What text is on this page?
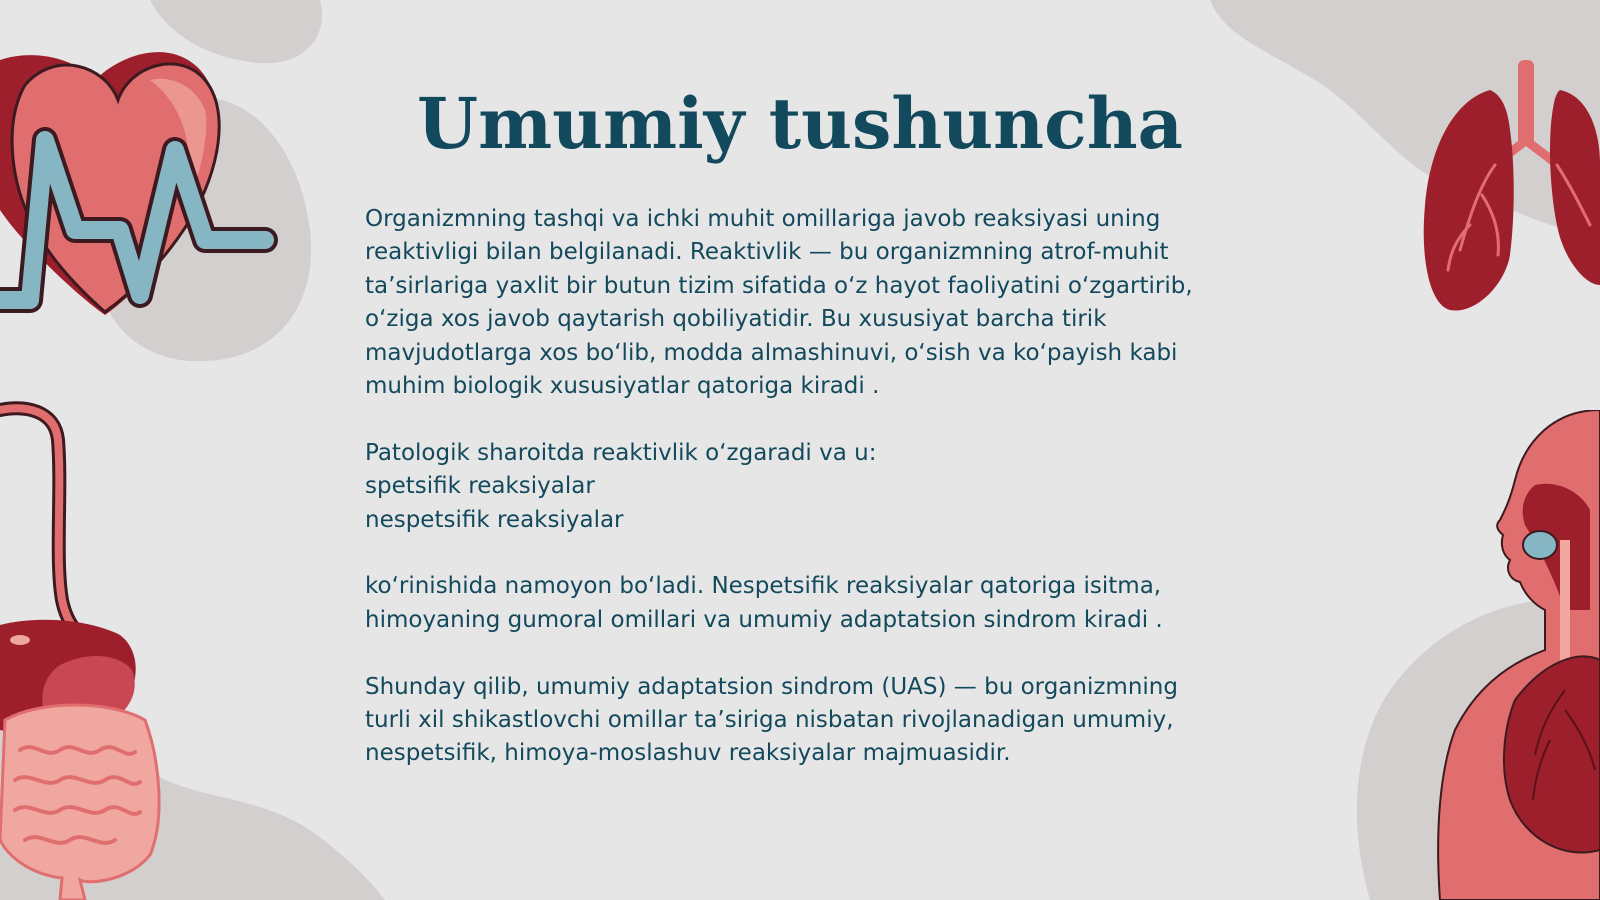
Umumiy tushuncha
Organizmning tashqi va ichki muhit omillariga javob reaksiyasi uning
reaktivligi bilan belgilanadi. Reaktivlik — bu organizmning atrof-muhit
ta’sirlariga yaxlit bir butun tizim sifatida o‘z hayot faoliyatini o‘zgartirib,
o‘ziga xos javob qaytarish qobiliyatidir. Bu xususiyat barcha tirik
mavjudotlarga xos bo‘lib, modda almashinuvi, o‘sish va ko‘payish kabi
muhim biologik xususiyatlar qatoriga kiradi .
Patologik sharoitda reaktivlik o‘zgaradi va u:
spetsifik reaksiyalar
nespetsifik reaksiyalar
ko‘rinishida namoyon bo‘ladi. Nespetsifik reaksiyalar qatoriga isitma,
himoyaning gumoral omillari va umumiy adaptatsion sindrom kiradi .
Shunday qilib, umumiy adaptatsion sindrom (UAS) — bu organizmning
turli xil shikastlovchi omillar ta’siriga nisbatan rivojlanadigan umumiy,
nespetsifik, himoya-moslashuv reaksiyalar majmuasidir.
